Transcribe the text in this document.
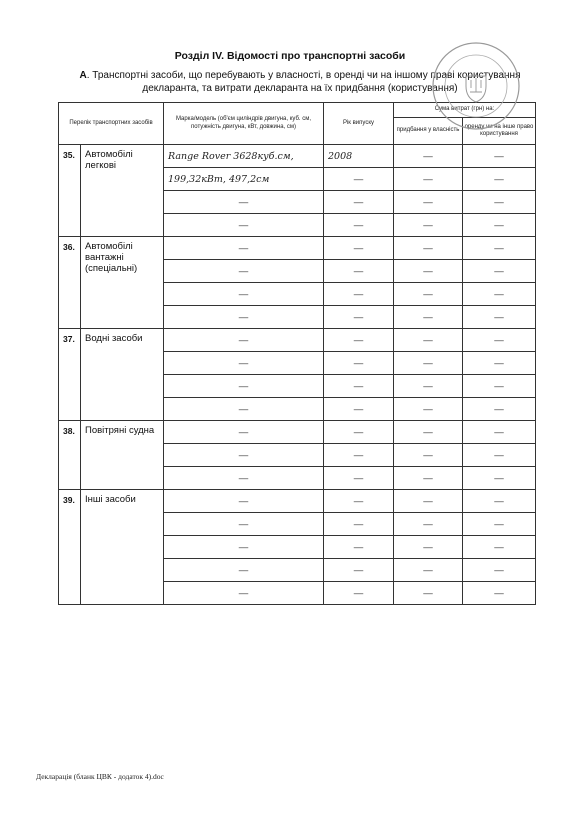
Розділ IV. Відомості про транспортні засоби
А. Транспортні засоби, що перебувають у власності, в оренді чи на іншому праві користування декларанта, та витрати декларанта на їх придбання (користування)
Перелік транспортних засобів		Марка/модель (об'єм циліндрів двигуна, куб. см, потужність двигуна, кВт, довжина, см)	Рік випуску	Сума витрат (грн) на:	
				придбання у власність	оренду чи на інше право користування
35.	Автомобілі легкові	Range Rover 3628куб.см,	2008	—	—
		199,32кВт, 497,2см	—	—	—
		—	—	—	—
		—	—	—	—
36.	Автомобілі вантажні (спеціальні)	—	—	—	—
		—	—	—	—
		—	—	—	—
		—	—	—	—
37.	Водні засоби	—	—	—	—
		—	—	—	—
		—	—	—	—
		—	—	—	—
38.	Повітряні судна	—	—	—	—
		—	—	—	—
		—	—	—	—
39.	Інші засоби	—	—	—	—
		—	—	—	—
		—	—	—	—
		—	—	—	—
		—	—	—	—
Декларація (бланк ЦВК - додаток 4).doc
